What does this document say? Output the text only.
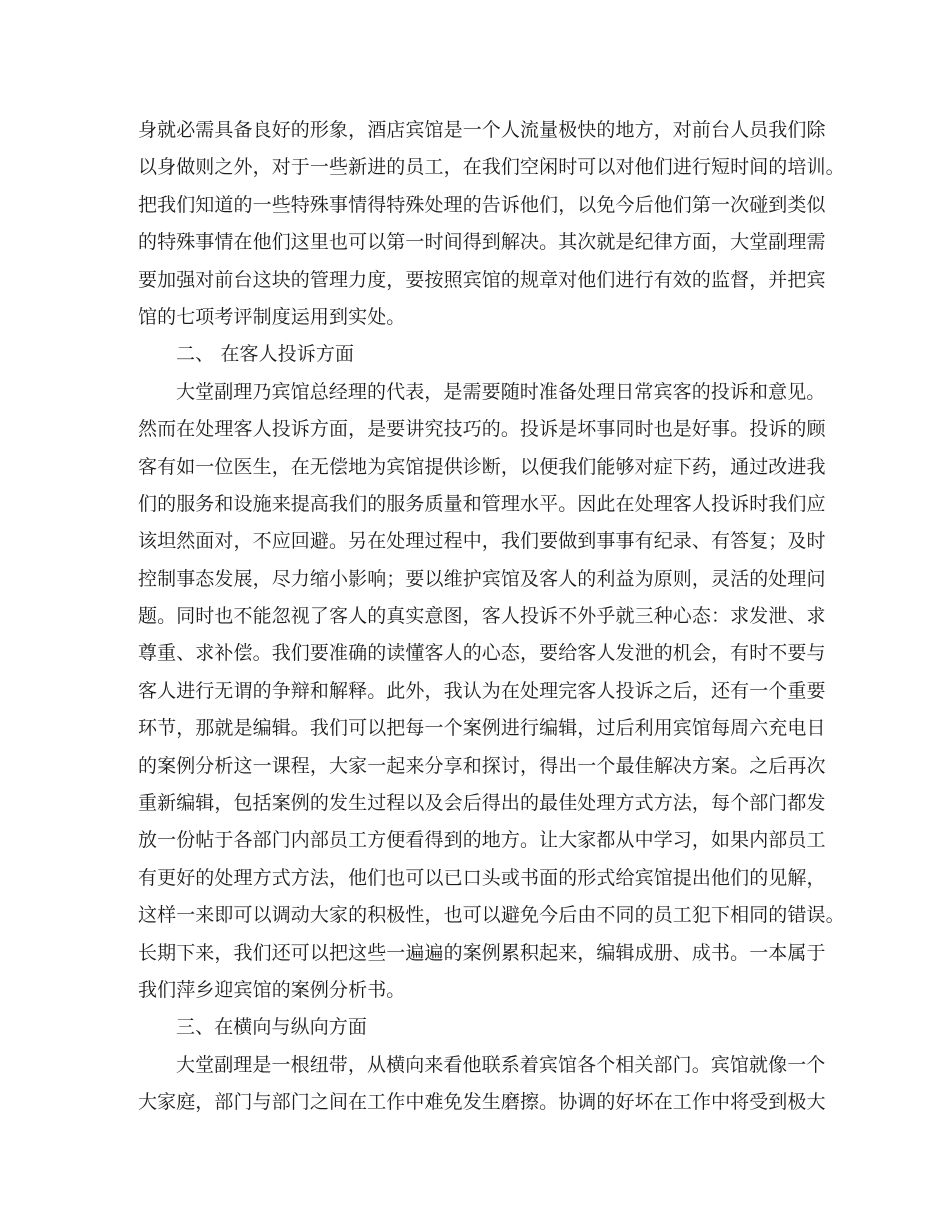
身就必需具备良好的形象，酒店宾馆是一个人流量极快的地方，对前台人员我们除
以身做则之外，对于一些新进的员工，在我们空闲时可以对他们进行短时间的培训。
把我们知道的一些特殊事情得特殊处理的告诉他们，以免今后他们第一次碰到类似
的特殊事情在他们这里也可以第一时间得到解决。其次就是纪律方面，大堂副理需
要加强对前台这块的管理力度，要按照宾馆的规章对他们进行有效的监督，并把宾
馆的七项考评制度运用到实处。
二、 在客人投诉方面
大堂副理乃宾馆总经理的代表，是需要随时准备处理日常宾客的投诉和意见。
然而在处理客人投诉方面，是要讲究技巧的。投诉是坏事同时也是好事。投诉的顾
客有如一位医生，在无偿地为宾馆提供诊断，以便我们能够对症下药，通过改进我
们的服务和设施来提高我们的服务质量和管理水平。因此在处理客人投诉时我们应
该坦然面对，不应回避。另在处理过程中，我们要做到事事有纪录、有答复；及时
控制事态发展，尽力缩小影响；要以维护宾馆及客人的利益为原则，灵活的处理问
题。同时也不能忽视了客人的真实意图，客人投诉不外乎就三种心态：求发泄、求
尊重、求补偿。我们要准确的读懂客人的心态，要给客人发泄的机会，有时不要与
客人进行无谓的争辩和解释。此外，我认为在处理完客人投诉之后，还有一个重要
环节，那就是编辑。我们可以把每一个案例进行编辑，过后利用宾馆每周六充电日
的案例分析这一课程，大家一起来分享和探讨，得出一个最佳解决方案。之后再次
重新编辑，包括案例的发生过程以及会后得出的最佳处理方式方法，每个部门都发
放一份帖于各部门内部员工方便看得到的地方。让大家都从中学习，如果内部员工
有更好的处理方式方法，他们也可以已口头或书面的形式给宾馆提出他们的见解，
这样一来即可以调动大家的积极性，也可以避免今后由不同的员工犯下相同的错误。
长期下来，我们还可以把这些一遍遍的案例累积起来，编辑成册、成书。一本属于
我们萍乡迎宾馆的案例分析书。
三、在横向与纵向方面
大堂副理是一根纽带，从横向来看他联系着宾馆各个相关部门。宾馆就像一个
大家庭，部门与部门之间在工作中难免发生磨擦。协调的好坏在工作中将受到极大
